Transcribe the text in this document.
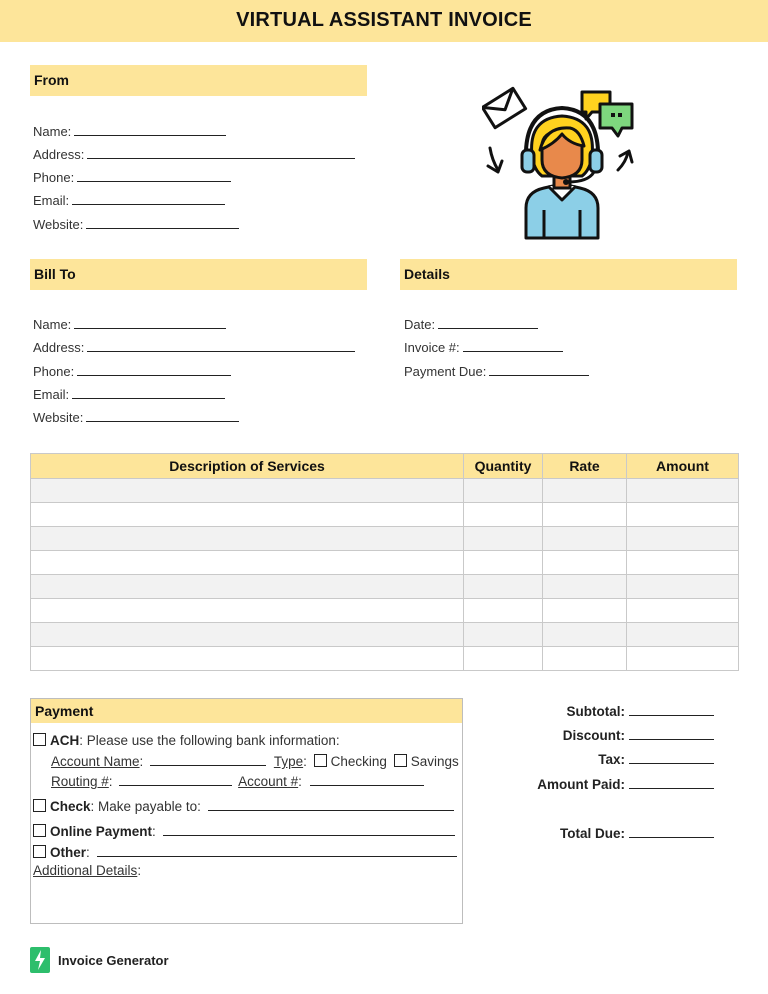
VIRTUAL ASSISTANT INVOICE
From
Name:
Address:
Phone:
Email:
Website:
Bill To
Name:
Address:
Phone:
Email:
Website:
Details
Date:
Invoice #:
Payment Due:
Description of Services	Quantity	Rate	Amount

Payment
ACH: Please use the following bank information:
Account Name:	Type: Checking Savings
Routing #:	Account #:
Check: Make payable to:
Online Payment:
Other:
Additional Details:
Subtotal:
Discount:
Tax:
Amount Paid:
Total Due:
Invoice Generator
